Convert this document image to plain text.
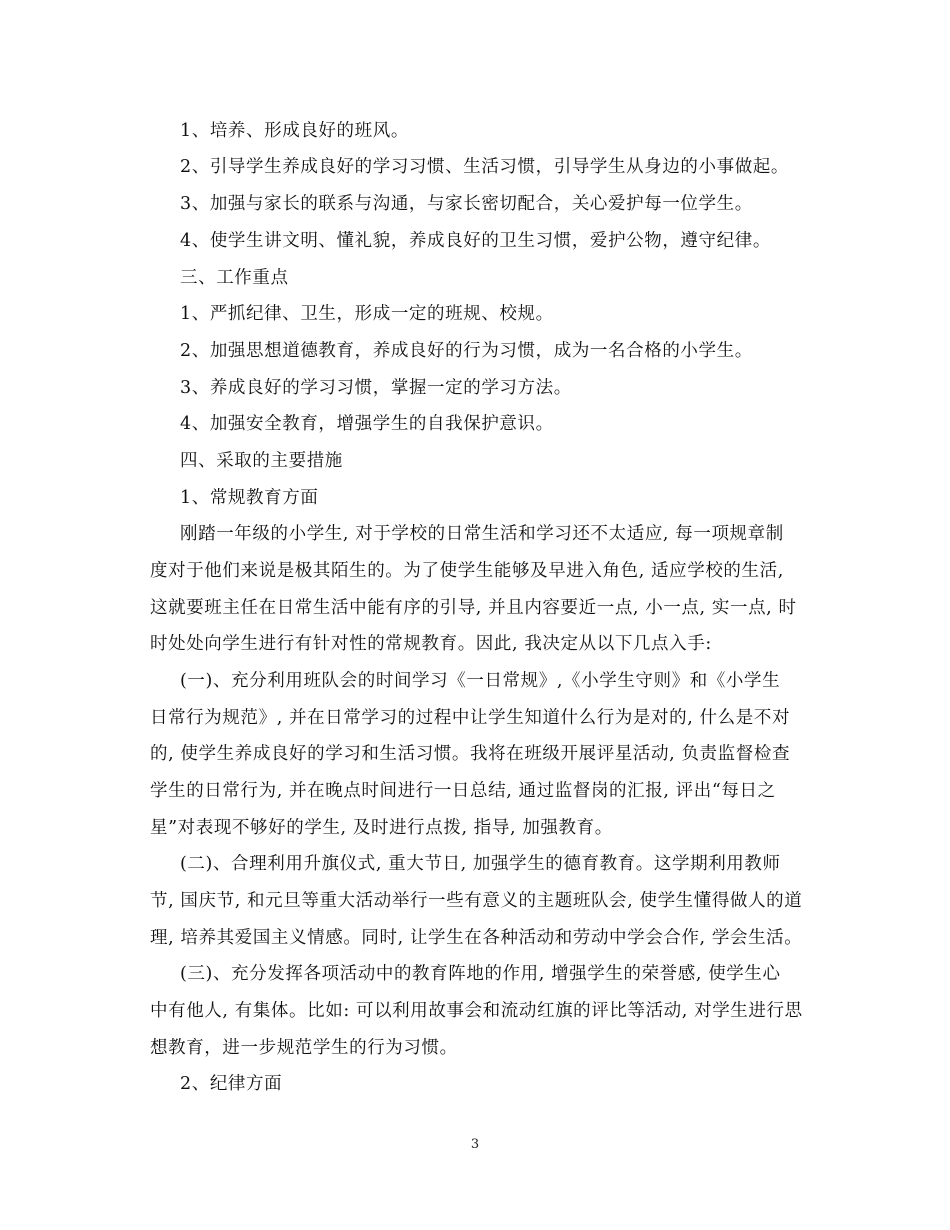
1、培养、形成良好的班风。
2、引导学生养成良好的学习习惯、生活习惯，引导学生从身边的小事做起。
3、加强与家长的联系与沟通，与家长密切配合，关心爱护每一位学生。
4、使学生讲文明、懂礼貌，养成良好的卫生习惯，爱护公物，遵守纪律。
三、工作重点
1、严抓纪律、卫生，形成一定的班规、校规。
2、加强思想道德教育，养成良好的行为习惯，成为一名合格的小学生。
3、养成良好的学习习惯，掌握一定的学习方法。
4、加强安全教育，增强学生的自我保护意识。
四、采取的主要措施
1、常规教育方面
刚踏一年级的小学生, 对于学校的日常生活和学习还不太适应, 每一项规章制
度对于他们来说是极其陌生的。为了使学生能够及早进入角色, 适应学校的生活,
这就要班主任在日常生活中能有序的引导, 并且内容要近一点, 小一点, 实一点, 时
时处处向学生进行有针对性的常规教育。因此, 我决定从以下几点入手:
(一)、充分利用班队会的时间学习《一日常规》,《小学生守则》和《小学生
日常行为规范》, 并在日常学习的过程中让学生知道什么行为是对的, 什么是不对
的, 使学生养成良好的学习和生活习惯。我将在班级开展评星活动, 负责监督检查
学生的日常行为, 并在晚点时间进行一日总结, 通过监督岗的汇报, 评出“每日之
星”对表现不够好的学生, 及时进行点拨, 指导, 加强教育。
(二)、合理利用升旗仪式, 重大节日, 加强学生的德育教育。这学期利用教师
节, 国庆节, 和元旦等重大活动举行一些有意义的主题班队会, 使学生懂得做人的道
理, 培养其爱国主义情感。同时, 让学生在各种活动和劳动中学会合作, 学会生活。
(三)、充分发挥各项活动中的教育阵地的作用, 增强学生的荣誉感, 使学生心
中有他人, 有集体。比如: 可以利用故事会和流动红旗的评比等活动, 对学生进行思
想教育，进一步规范学生的行为习惯。
2、纪律方面
3
